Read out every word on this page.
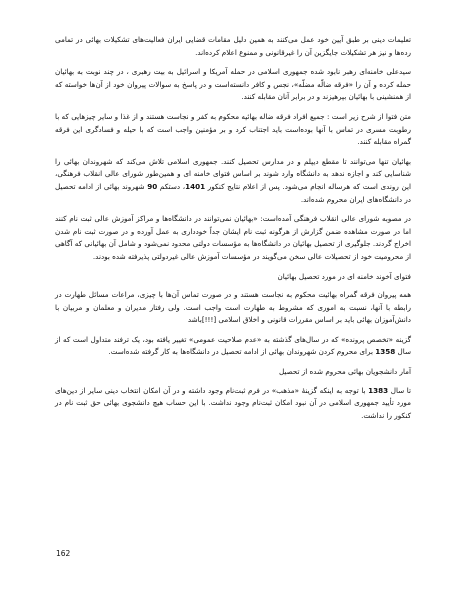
تعلیمات دینی بر طبق آیین خود عمل می‌کنند به همین دلیل مقامات قضایی ایران فعالیت‌های تشکیلات بهائی در تمامی رده‌ها و نیز هر تشکیلات جایگزین آن را غیرقانونی و ممنوع اعلام کرده‌اند.

سیدعلی خامنه‌ای رهبر نابود شده جمهوری اسلامی در حمله آمریکا و اسرائیل به بیت رهبری ، در چند نوبت به بهائیان حمله کرده و آن را «فرقه ضالّه مضلّه»، نجس و کافر دانسته‌است و در پاسخ به سوالات پیروان خود از آن‌ها خواسته که از همنشینی با بهائیان بپرهیزند و در برابر آنان مقابله کنند.

متن فتوا از شرح زیر است : جمیع افراد فرقه ضاله بهائیه محکوم به کفر و نجاست هستند و از غذا و سایر چیزهایی که با رطوبت مسری در تماس با آنها بوده‌است باید اجتناب کرد و بر مؤمنین واجب است که با حیله و فسادگری این فرقه گمراه مقابله کنند.

بهائیان تنها می‌توانند تا مقطع دیپلم و در مدارس تحصیل کنند. جمهوری اسلامی تلاش می‌کند که شهروندان بهائی را شناسایی کند و اجازه ندهد به دانشگاه وارد شوند بر اساس فتوای خامنه ای و همین‌طور شورای عالی انقلاب فرهنگی، این روندی است که هرساله انجام می‌شود. پس از اعلام نتایج کنکور 1401، دستکم 90 شهروند بهائی از ادامه تحصیل در دانشگاه‌های ایران محروم شده‌اند.

در مصوبه شورای عالی انقلاب فرهنگی آمده‌است: «بهائیان نمی‌توانند در دانشگاه‌ها و مراکز آموزش عالی ثبت نام کنند اما در صورت مشاهده ضمن گزارش از هرگونه ثبت نام ایشان جداً خودداری به عمل آورده و در صورت ثبت نام شدن اخراج گردند. جلوگیری از تحصیل بهائیان در دانشگاه‌ها به مؤسسات دولتی محدود نمی‌شود و شامل آن بهائیانی که آگاهی از محرومیت خود از تحصیلات عالی سخن می‌گویند در مؤسسات آموزش عالی غیردولتی پذیرفته شده بودند.

فتوای آخوند خامنه ای در مورد تحصیل بهائیان

همه پیروان فرقه گمراه بهائیت محکوم به نجاست هستند و در صورت تماس آن‌ها با چیزی، مراعات مسائل طهارت در رابطه با آنها، نسبت به اموری که مشروط به طهارت است واجب است. ولی رفتار مدیران و معلمان و مربیان با دانش‌آموزان بهائی باید بر اساس مقررات قانونی و اخلاق اسلامی [!!!]باشد

گزینه «تخصص پرونده» که در سال‌های گذشته به «عدم صلاحیت عمومی» تغییر یافته بود، یک ترفند متداول است که از سال 1358 برای محروم کردن شهروندان بهائی از ادامه تحصیل در دانشگاه‌ها به کار گرفته شده‌است.

آمار دانشجویان بهائی محروم شده از تحصیل

تا سال 1383 با توجه به اینکه گزینهٔ «مذهب» در فرم ثبت‌نام وجود داشته و در آن امکان انتخاب دینی سایر از دین‌های مورد تأیید جمهوری اسلامی در آن نبود امکان ثبت‌نام وجود نداشت. با این حساب هیچ دانشجوی بهائی حق ثبت نام در کنکور را نداشت.

162
